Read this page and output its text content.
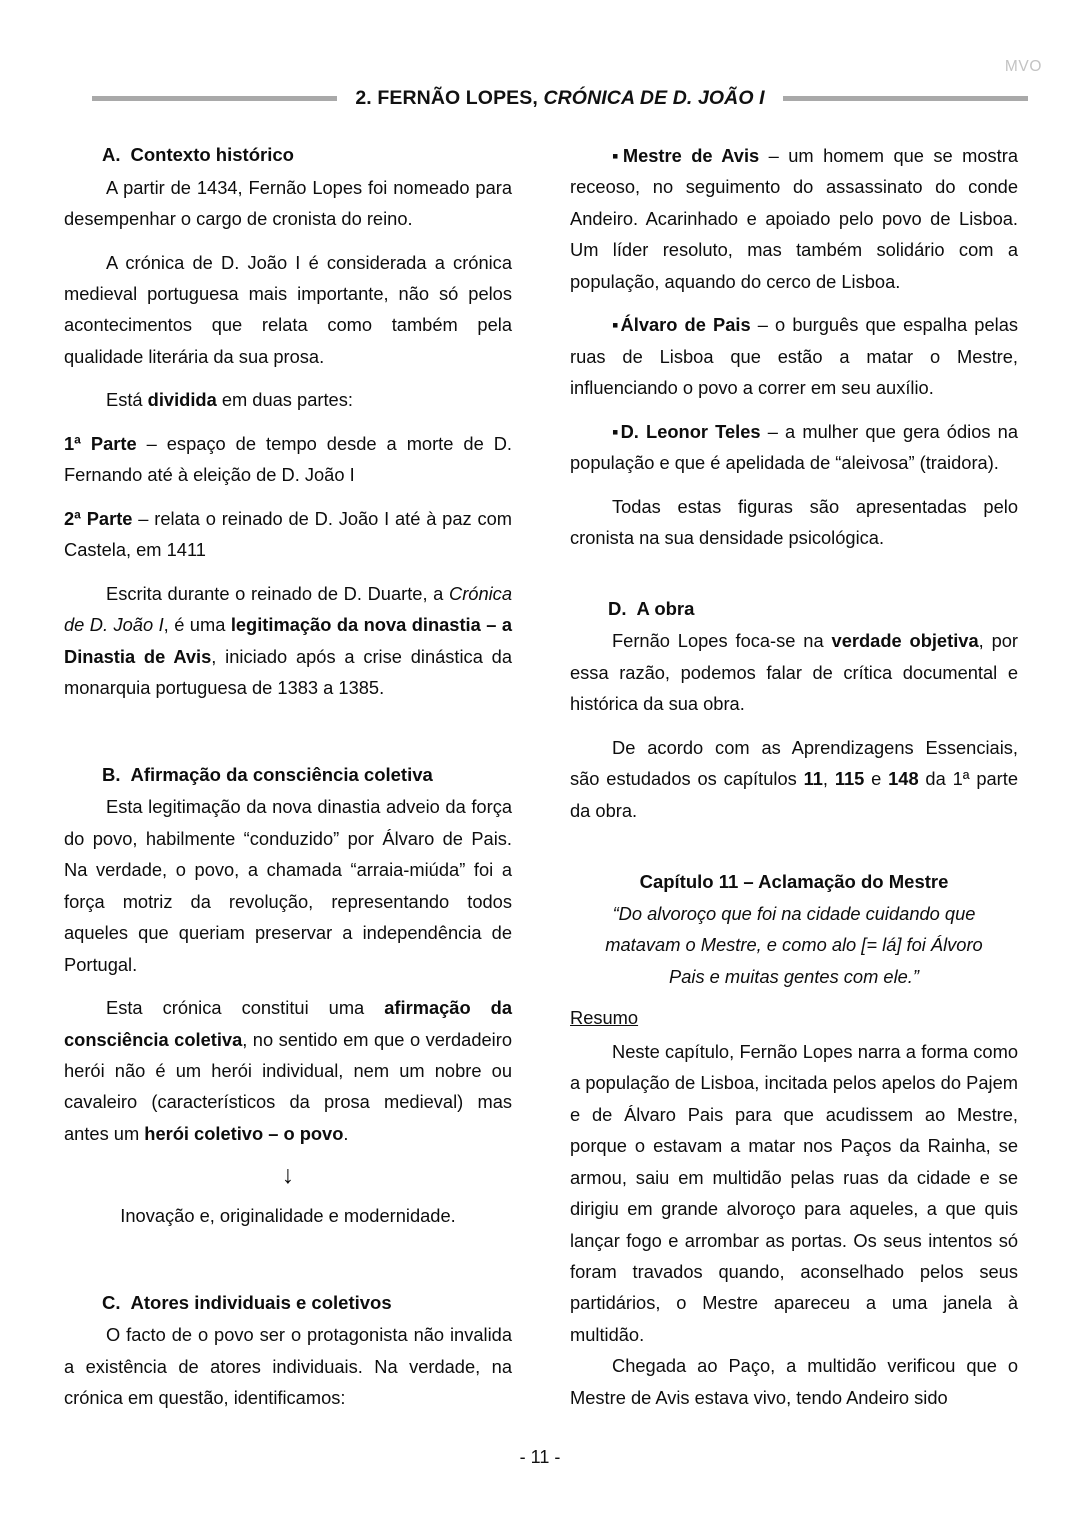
MVO
2. FERNÃO LOPES, CRÓNICA DE D. JOÃO I
A. Contexto histórico

A partir de 1434, Fernão Lopes foi nomeado para desempenhar o cargo de cronista do reino.

A crónica de D. João I é considerada a crónica medieval portuguesa mais importante, não só pelos acontecimentos que relata como também pela qualidade literária da sua prosa.

Está dividida em duas partes:

1ª Parte – espaço de tempo desde a morte de D. Fernando até à eleição de D. João I

2ª Parte – relata o reinado de D. João I até à paz com Castela, em 1411

Escrita durante o reinado de D. Duarte, a Crónica de D. João I, é uma legitimação da nova dinastia – a Dinastia de Avis, iniciado após a crise dinástica da monarquia portuguesa de 1383 a 1385.

B. Afirmação da consciência coletiva

Esta legitimação da nova dinastia adveio da força do povo, habilmente “conduzido” por Álvaro de Pais. Na verdade, o povo, a chamada “arraia-miúda” foi a força motriz da revolução, representando todos aqueles que queriam preservar a independência de Portugal.

Esta crónica constitui uma afirmação da consciência coletiva, no sentido em que o verdadeiro herói não é um herói individual, nem um nobre ou cavaleiro (característicos da prosa medieval) mas antes um herói coletivo – o povo.

↓

Inovação e, originalidade e modernidade.

C. Atores individuais e coletivos

O facto de o povo ser o protagonista não invalida a existência de atores individuais. Na verdade, na crónica em questão, identificamos:

▪Mestre de Avis – um homem que se mostra receoso, no seguimento do assassinato do conde Andeiro. Acarinhado e apoiado pelo povo de Lisboa. Um líder resoluto, mas também solidário com a população, aquando do cerco de Lisboa.

▪Álvaro de Pais – o burguês que espalha pelas ruas de Lisboa que estão a matar o Mestre, influenciando o povo a correr em seu auxílio.

▪D. Leonor Teles – a mulher que gera ódios na população e que é apelidada de “aleivosa” (traidora).

Todas estas figuras são apresentadas pelo cronista na sua densidade psicológica.

D. A obra

Fernão Lopes foca-se na verdade objetiva, por essa razão, podemos falar de crítica documental e histórica da sua obra.

De acordo com as Aprendizagens Essenciais, são estudados os capítulos 11, 115 e 148 da 1ª parte da obra.

Capítulo 11 – Aclamação do Mestre
“Do alvoroço que foi na cidade cuidando que
matavam o Mestre, e como alo [= lá] foi Álvoro
Pais e muitas gentes com ele.”
Resumo

Neste capítulo, Fernão Lopes narra a forma como a população de Lisboa, incitada pelos apelos do Pajem e de Álvaro Pais para que acudissem ao Mestre, porque o estavam a matar nos Paços da Rainha, se armou, saiu em multidão pelas ruas da cidade e se dirigiu em grande alvoroço para aqueles, a que quis lançar fogo e arrombar as portas. Os seus intentos só foram travados quando, aconselhado pelos seus partidários, o Mestre apareceu a uma janela à multidão.

Chegada ao Paço, a multidão verificou que o Mestre de Avis estava vivo, tendo Andeiro sido

- 11 -
